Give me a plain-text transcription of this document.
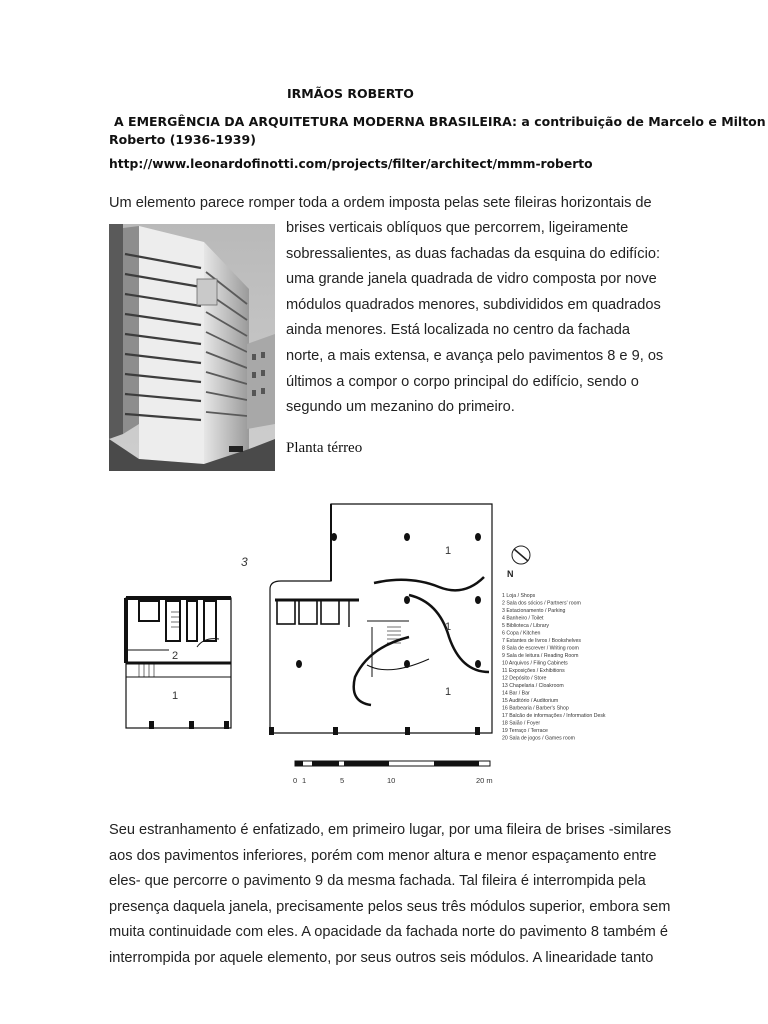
IRMÃOS ROBERTO
A EMERGÊNCIA DA ARQUITETURA MODERNA BRASILEIRA: a contribuição de Marcelo e Milton
Roberto (1936-1939)
http://www.leonardofinotti.com/projects/filter/architect/mmm-roberto
Um elemento parece romper toda a ordem imposta pelas sete fileiras horizontais de
brises verticais oblíquos que percorrem, ligeiramente
sobressalientes, as duas fachadas da esquina do edifício:
uma grande janela quadrada de vidro composta por nove
módulos quadrados menores, subdivididos em quadrados
ainda menores. Está localizada no centro da fachada
norte, a mais extensa, e avança pelo pavimentos 8 e 9, os
últimos a compor o corpo principal do edifício, sendo o
segundo um mezanino do primeiro.
Planta térreo
3
2
1
1
1
1
N
1 Loja / Shops
2 Sala dos sócios / Partners' room
3 Estacionamento / Parking
4 Banheiro / Toilet
5 Biblioteca / Library
6 Copa / Kitchen
7 Estantes de livros / Bookshelves
8 Sala de escrever / Writing room
9 Sala de leitura / Reading Room
10 Arquivos / Filing Cabinets
11 Exposições / Exhibitions
12 Depósito / Store
13 Chapelaria / Cloakroom
14 Bar / Bar
15 Auditório / Auditorium
16 Barbearia / Barber's Shop
17 Balcão de informações / Information Desk
18 Saião / Foyer
19 Terraço / Terrace
20 Sala de jogos / Games room
0 1	5	10	20 m

Seu estranhamento é enfatizado, em primeiro lugar, por uma fileira de brises -similares

aos dos pavimentos inferiores, porém com menor altura e menor espaçamento entre

eles- que percorre o pavimento 9 da mesma fachada. Tal fileira é interrompida pela

presença daquela janela, precisamente pelos seus três módulos superior, embora sem

muita continuidade com eles. A opacidade da fachada norte do pavimento 8 também é

interrompida por aquele elemento, por seus outros seis módulos. A linearidade tanto
